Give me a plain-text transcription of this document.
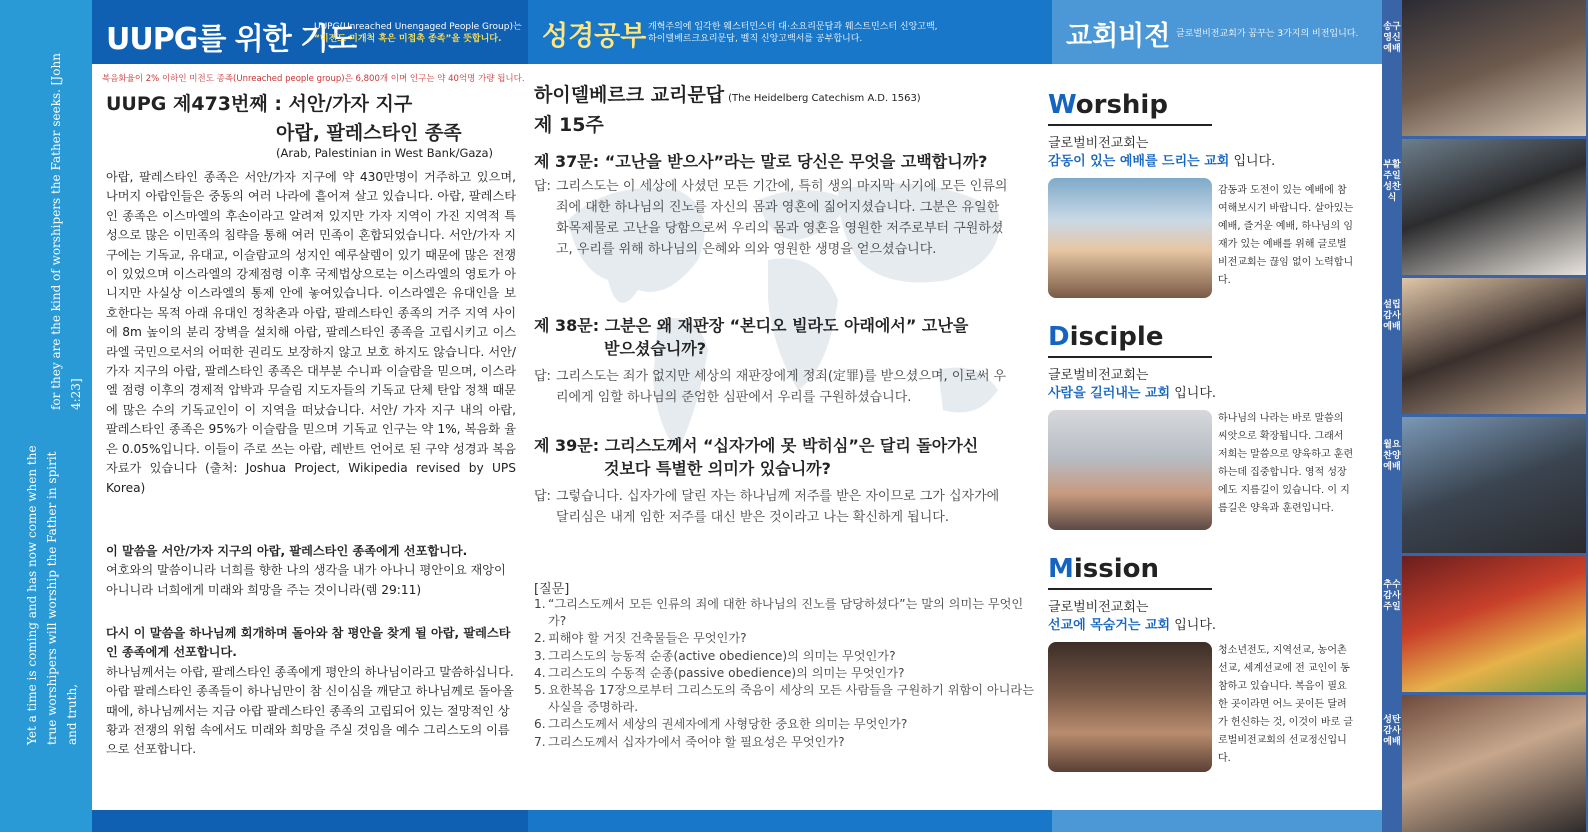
for they are the kind of worshipers the Father seeks. [John 4:23]
Yet a time is coming and has now come when the true worshipers will worship the Father in spirit and truth,
UUPG를 위한 기도
UUPG(Unreached Unengaged People Group)는
“미전도 미개척 혹은 미접촉 종족”을 뜻합니다.
복음화율이 2% 이하인 미전도 종족(Unreached people group)은 6,800개 이며 인구는 약 40억명 가량 됩니다.
UUPG 제473번째 : 서안/가자 지구
아랍, 팔레스타인 종족
(Arab, Palestinian in West Bank/Gaza)
아랍, 팔레스타인 종족은 서안/가자 지구에 약 430만명이 거주하고 있으며, 나머지 아랍인들은 중동의 여러 나라에 흩어져 살고 있습니다. 아랍, 팔레스타인 종족은 이스마엘의 후손이라고 알려져 있지만 가자 지역이 가진 지역적 특성으로 많은 이민족의 침략을 통해 여러 민족이 혼합되었습니다. 서안/가자 지구에는 기독교, 유대교, 이슬람교의 성지인 예루살렘이 있기 때문에 많은 전쟁이 있었으며 이스라엘의 강제점령 이후 국제법상으로는 이스라엘의 영토가 아니지만 사실상 이스라엘의 통제 안에 놓여있습니다. 이스라엘은 유대인을 보호한다는 목적 아래 유대인 정착촌과 아랍, 팔레스타인 종족의 거주 지역 사이에 8m 높이의 분리 장벽을 설치해 아랍, 팔레스타인 종족을 고립시키고 이스라엘 국민으로서의 어떠한 권리도 보장하지 않고 보호 하지도 않습니다. 서안/가자 지구의 아랍, 팔레스타인 종족은 대부분 수니파 이슬람을 믿으며, 이스라엘 점령 이후의 경제적 압박과 무슬림 지도자들의 기독교 단체 탄압 정책 때문에 많은 수의 기독교인이 이 지역을 떠났습니다. 서안/ 가자 지구 내의 아랍, 팔레스타인 종족은 95%가 이슬람을 믿으며 기독교 인구는 약 1%, 복음화 율은 0.05%입니다. 이들이 주로 쓰는 아랍, 레반트 언어로 된 구약 성경과 복음자료가 있습니다 (출처: Joshua Project, Wikipedia revised by UPS Korea)
이 말씀을 서안/가자 지구의 아랍, 팔레스타인 종족에게 선포합니다.
여호와의 말씀이니라 너희를 향한 나의 생각을 내가 아나니 평안이요 재앙이 아니니라 너희에게 미래와 희망을 주는 것이니라(렘 29:11)
다시 이 말씀을 하나님께 회개하며 돌아와 참 평안을 찾게 될 아랍, 팔레스타인 종족에게 선포합니다.
하나님께서는 아랍, 팔레스타인 종족에게 평안의 하나님이라고 말씀하십니다. 아랍 팔레스타인 종족들이 하나님만이 참 신이심을 깨닫고 하나님께로 돌아올 때에, 하나님께서는 지금 아랍 팔레스타인 종족의 고립되어 있는 절망적인 상황과 전쟁의 위험 속에서도 미래와 희망을 주실 것임을 예수 그리스도의 이름으로 선포합니다.
성경공부 개혁주의에 입각한 웨스터민스터 대·소요리문답과 웨스트민스터 신앙고백,
하이델베르크요리문답, 벨직 신앙고백서를 공부합니다.
하이델베르크 교리문답 (The Heidelberg Catechism A.D. 1563)
제 15주
제 37문: “고난을 받으사”라는 말로 당신은 무엇을 고백합니까?
답: 그리스도는 이 세상에 사셨던 모든 기간에, 특히 생의 마지막 시기에 모든 인류의 죄에 대한 하나님의 진노를 자신의 몸과 영혼에 짊어지셨습니다. 그분은 유일한 화목제물로 고난을 당함으로써 우리의 몸과 영혼을 영원한 저주로부터 구원하셨고, 우리를 위해 하나님의 은혜와 의와 영원한 생명을 얻으셨습니다.
제 38문: 그분은 왜 재판장 “본디오 빌라도 아래에서” 고난을
받으셨습니까?
답: 그리스도는 죄가 없지만 세상의 재판장에게 정죄(定罪)를 받으셨으며, 이로써 우리에게 임할 하나님의 준엄한 심판에서 우리를 구원하셨습니다.
제 39문: 그리스도께서 “십자가에 못 박히심”은 달리 돌아가신
것보다 특별한 의미가 있습니까?
답: 그렇습니다. 십자가에 달린 자는 하나님께 저주를 받은 자이므로 그가 십자가에 달리심은 내게 임한 저주를 대신 받은 것이라고 나는 확신하게 됩니다.
[질문]
1. “그리스도께서 모든 인류의 죄에 대한 하나님의 진노를 담당하셨다”는 말의 의미는 무엇인가?
2. 피해야 할 거짓 건축물들은 무엇인가?
3. 그리스도의 능동적 순종(active obedience)의 의미는 무엇인가?
4. 그리스도의 수동적 순종(passive obedience)의 의미는 무엇인가?
5. 요한복음 17장으로부터 그리스도의 죽음이 세상의 모든 사람들을 구원하기 위함이 아니라는 사실을 증명하라.
6. 그리스도께서 세상의 권세자에게 사형당한 중요한 의미는 무엇인가?
7. 그리스도께서 십자가에서 죽어야 할 필요성은 무엇인가?
교회비전 글로벌비전교회가 꿈꾸는 3가지의 비전입니다.
Worship
글로벌비전교회는
감동이 있는 예배를 드리는 교회 입니다.
감동과 도전이 있는 예배에 참여해보시기 바랍니다. 살아있는 예배, 즐거운 예배, 하나님의 임재가 있는 예배를 위해 글로벌비전교회는 끊임 없이 노력합니다.
Disciple
글로벌비전교회는
사람을 길러내는 교회 입니다.
하나님의 나라는 바로 말씀의 씨앗으로 확장됩니다. 그래서 저희는 말씀으로 양육하고 훈련하는데 집중합니다. 영적 성장에도 지름길이 있습니다. 이 지름길은 양육과 훈련입니다.
Mission
글로벌비전교회는
선교에 목숨거는 교회 입니다.
청소년전도, 지역선교, 농어촌선교, 세계선교에 전 교인이 동참하고 있습니다. 복음이 필요한 곳이라면 어느 곳이든 달려가 헌신하는 것, 이것이 바로 글로벌비전교회의 선교정신입니다.
송구영신예배
부활주일 성찬식
설립감사예배
월요찬양예배
추수감사주일
성탄감사예배
